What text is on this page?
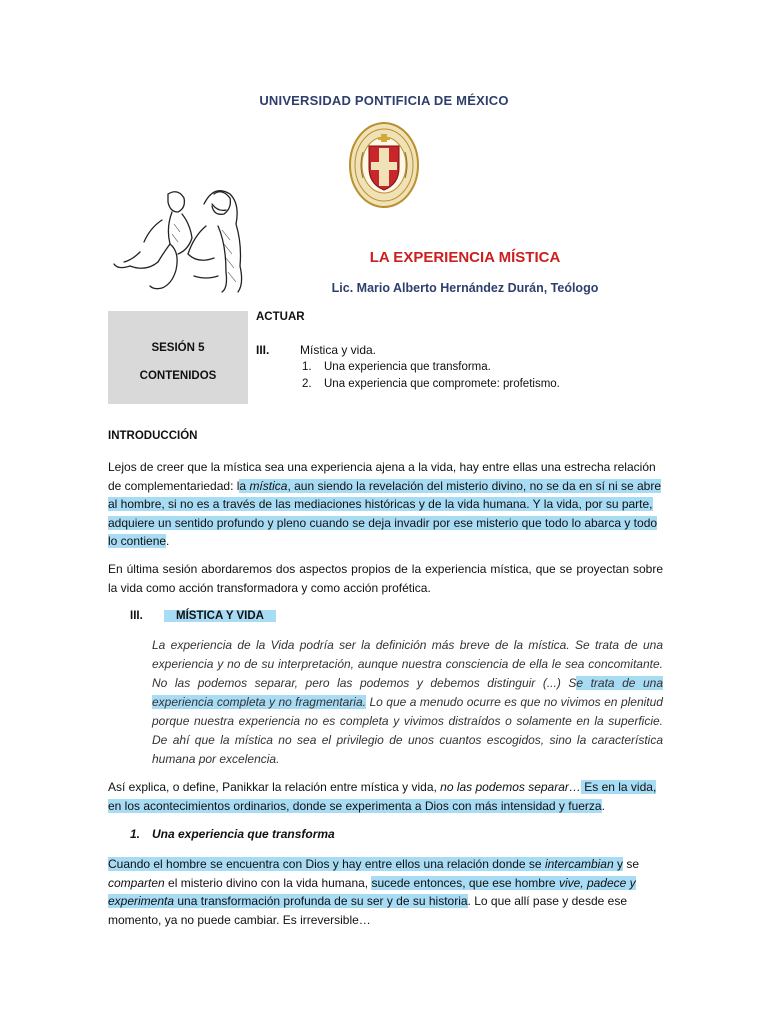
UNIVERSIDAD PONTIFICIA DE MÉXICO
LA EXPERIENCIA MÍSTICA
Lic. Mario Alberto Hernández Durán, Teólogo
SESIÓN 5
CONTENIDOS
ACTUAR
III.	Mística y vida.
1. Una experiencia que transforma.
2. Una experiencia que compromete: profetismo.
INTRODUCCIÓN
Lejos de creer que la mística sea una experiencia ajena a la vida, hay entre ellas una estrecha relación de complementariedad: la mística, aun siendo la revelación del misterio divino, no se da en sí ni se abre al hombre, si no es a través de las mediaciones históricas y de la vida humana. Y la vida, por su parte, adquiere un sentido profundo y pleno cuando se deja invadir por ese misterio que todo lo abarca y todo lo contiene.
En última sesión abordaremos dos aspectos propios de la experiencia mística, que se proyectan sobre la vida como acción transformadora y como acción profética.
III.	MÍSTICA Y VIDA
La experiencia de la Vida podría ser la definición más breve de la mística. Se trata de una experiencia y no de su interpretación, aunque nuestra consciencia de ella le sea concomitante. No las podemos separar, pero las podemos y debemos distinguir (...) Se trata de una experiencia completa y no fragmentaria. Lo que a menudo ocurre es que no vivimos en plenitud porque nuestra experiencia no es completa y vivimos distraídos o solamente en la superficie. De ahí que la mística no sea el privilegio de unos cuantos escogidos, sino la característica humana por excelencia.
Así explica, o define, Panikkar la relación entre mística y vida, no las podemos separar… Es en la vida, en los acontecimientos ordinarios, donde se experimenta a Dios con más intensidad y fuerza.
1. Una experiencia que transforma
Cuando el hombre se encuentra con Dios y hay entre ellos una relación donde se intercambian y se comparten el misterio divino con la vida humana, sucede entonces, que ese hombre vive, padece y experimenta una transformación profunda de su ser y de su historia. Lo que allí pase y desde ese momento, ya no puede cambiar. Es irreversible…
